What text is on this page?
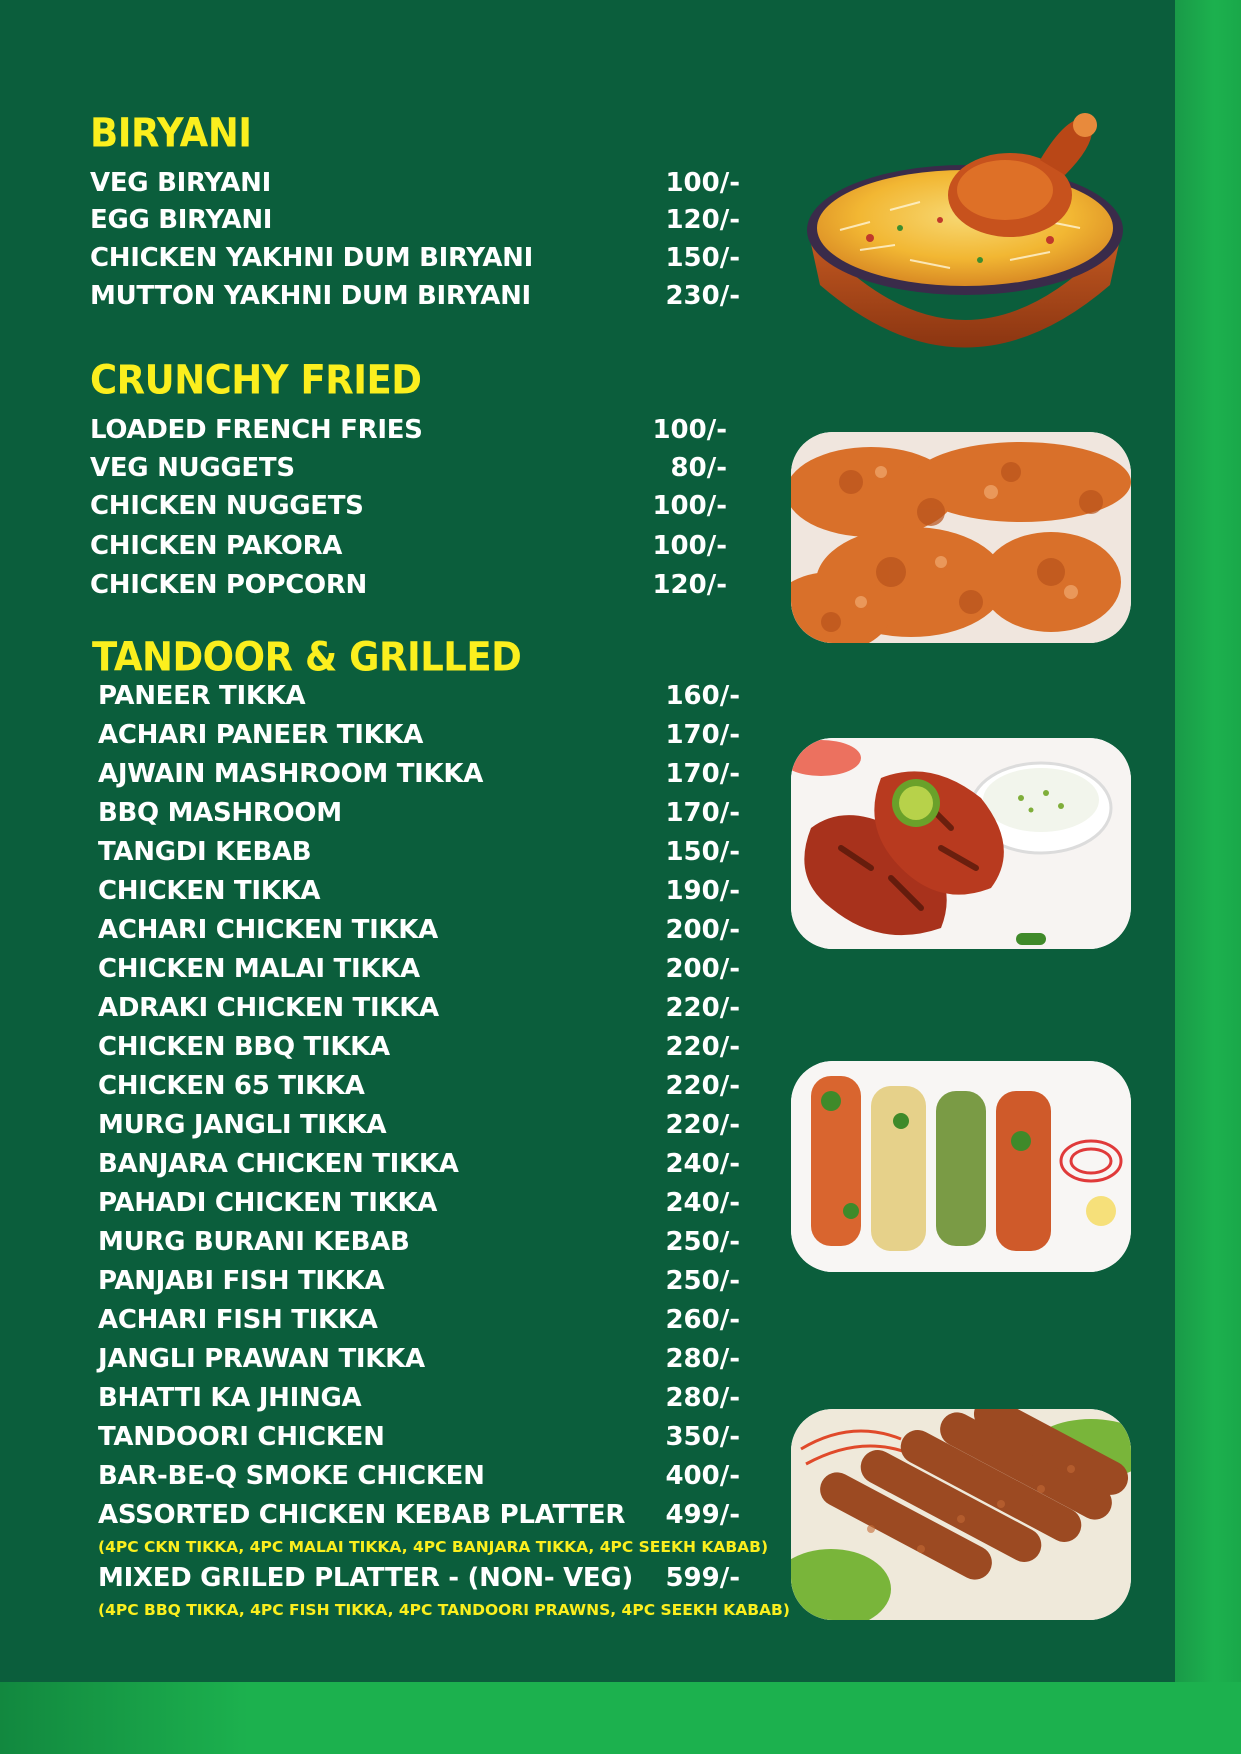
BIRYANI
CRUNCHY FRIED
TANDOOR & GRILLED
VEG BIRYANI	100/-
EGG BIRYANI	120/-
CHICKEN YAKHNI DUM BIRYANI	150/-
MUTTON YAKHNI DUM BIRYANI	230/-
LOADED FRENCH FRIES	100/-
VEG NUGGETS	80/-
CHICKEN NUGGETS	100/-
CHICKEN PAKORA	100/-
CHICKEN POPCORN	120/-
PANEER TIKKA	160/-
ACHARI PANEER TIKKA	170/-
AJWAIN MASHROOM TIKKA	170/-
BBQ MASHROOM	170/-
TANGDI KEBAB	150/-
CHICKEN TIKKA	190/-
ACHARI CHICKEN TIKKA	200/-
CHICKEN MALAI TIKKA	200/-
ADRAKI CHICKEN TIKKA	220/-
CHICKEN BBQ TIKKA	220/-
CHICKEN 65 TIKKA	220/-
MURG JANGLI TIKKA	220/-
BANJARA CHICKEN TIKKA	240/-
PAHADI CHICKEN TIKKA	240/-
MURG BURANI KEBAB	250/-
PANJABI FISH TIKKA	250/-
ACHARI FISH TIKKA	260/-
JANGLI PRAWAN TIKKA	280/-
BHATTI KA JHINGA	280/-
TANDOORI CHICKEN	350/-
BAR-BE-Q SMOKE CHICKEN	400/-
ASSORTED CHICKEN KEBAB PLATTER	499/-
MIXED GRILED PLATTER - (NON- VEG)	599/-
(4PC CKN TIKKA, 4PC MALAI TIKKA, 4PC BANJARA TIKKA, 4PC SEEKH KABAB)
(4PC BBQ TIKKA, 4PC FISH TIKKA, 4PC TANDOORI PRAWNS, 4PC SEEKH KABAB)
